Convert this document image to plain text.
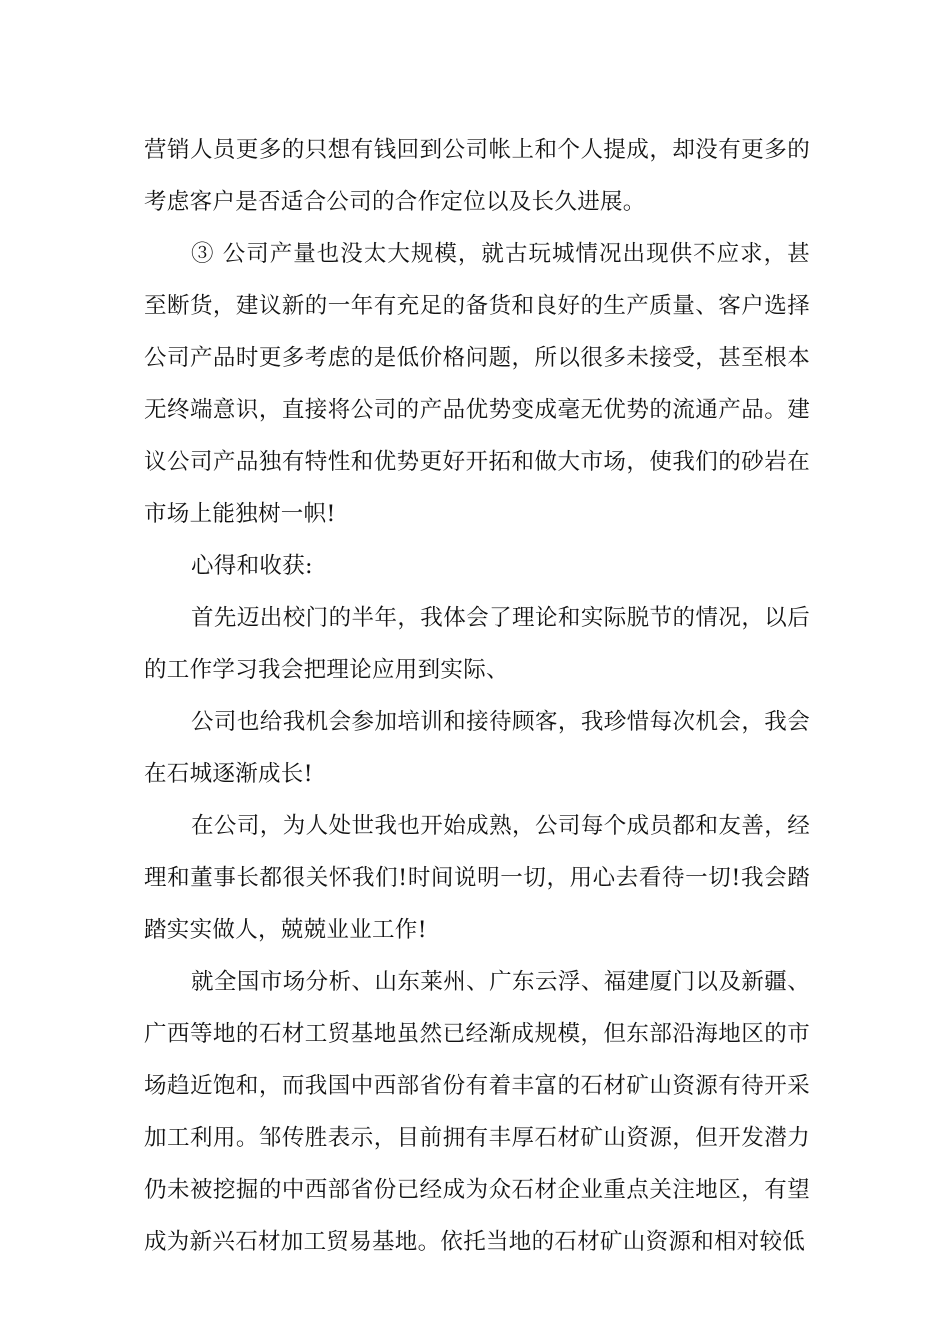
营销人员更多的只想有钱回到公司帐上和个人提成，却没有更多的考虑客户是否适合公司的合作定位以及长久进展。

③ 公司产量也没太大规模，就古玩城情况出现供不应求，甚至断货，建议新的一年有充足的备货和良好的生产质量、客户选择公司产品时更多考虑的是低价格问题，所以很多未接受，甚至根本无终端意识，直接将公司的产品优势变成毫无优势的流通产品。建议公司产品独有特性和优势更好开拓和做大市场，使我们的砂岩在市场上能独树一帜!

心得和收获:

首先迈出校门的半年，我体会了理论和实际脱节的情况，以后的工作学习我会把理论应用到实际、

公司也给我机会参加培训和接待顾客，我珍惜每次机会，我会在石城逐渐成长!

在公司，为人处世我也开始成熟，公司每个成员都和友善，经理和董事长都很关怀我们!时间说明一切，用心去看待一切!我会踏踏实实做人，兢兢业业工作!

就全国市场分析、山东莱州、广东云浮、福建厦门以及新疆、广西等地的石材工贸基地虽然已经渐成规模，但东部沿海地区的市场趋近饱和，而我国中西部省份有着丰富的石材矿山资源有待开采加工利用。邹传胜表示，目前拥有丰厚石材矿山资源，但开发潜力仍未被挖掘的中西部省份已经成为众石材企业重点关注地区，有望成为新兴石材加工贸易基地。依托当地的石材矿山资源和相对较低
